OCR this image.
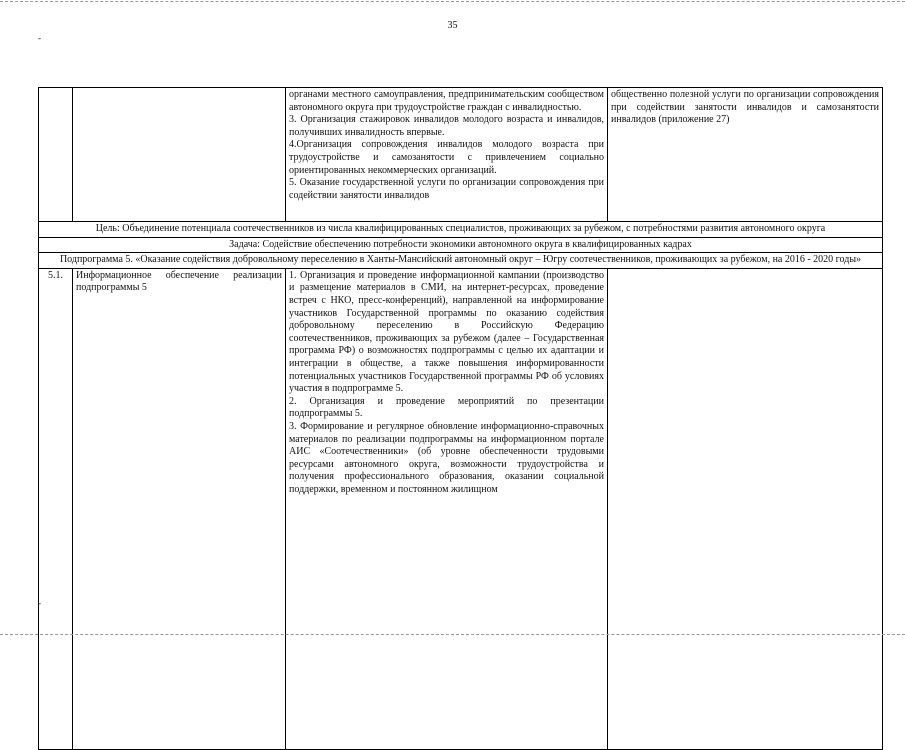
35
-
-

		органами местного самоуправления, предпринимательским сообществом автономного округа при трудоустройстве граждан с инвалидностью.
3. Организация стажировок инвалидов молодого возраста и инвалидов, получивших инвалидность впервые.
4.Организация сопровождения инвалидов молодого возраста при трудоустройстве и самозанятости с привлечением социально ориентированных некоммерческих организаций.
5. Оказание государственной услуги по организации сопровождения при содействии занятости инвалидов	общественно полезной услуги по организации сопровождения при содействии занятости инвалидов и самозанятости инвалидов (приложение 27)
Цель: Объединение потенциала соотечественников из числа квалифицированных специалистов, проживающих за рубежом, с потребностями развития автономного округа			
Задача: Содействие обеспечению потребности экономики автономного округа в квалифицированных кадрах			
Подпрограмма 5. «Оказание содействия добровольному переселению в Ханты-Мансийский автономный округ – Югру соотечественников, проживающих за рубежом, на 2016 - 2020 годы»			
5.1.	Информационное обеспечение реализации подпрограммы 5	1. Организация и проведение информационной кампании (производство и размещение материалов в СМИ, на интернет-ресурсах, проведение встреч с НКО, пресс-конференций), направленной на информирование участников Государственной программы по оказанию содействия добровольному переселению в Российскую Федерацию соотечественников, проживающих за рубежом (далее – Государственная программа РФ) о возможностях подпрограммы с целью их адаптации и интеграции в обществе, а также повышения информированности потенциальных участников Государственной программы РФ об условиях участия в подпрограмме 5.
2. Организация и проведение мероприятий по презентации подпрограммы 5.
3. Формирование и регулярное обновление информационно-справочных материалов по реализации подпрограммы на информационном портале АИС «Соотечественники» (об уровне обеспеченности трудовыми ресурсами автономного округа, возможности трудоустройства и получения профессионального образования, оказании социальной поддержки, временном и постоянном жилищном	
